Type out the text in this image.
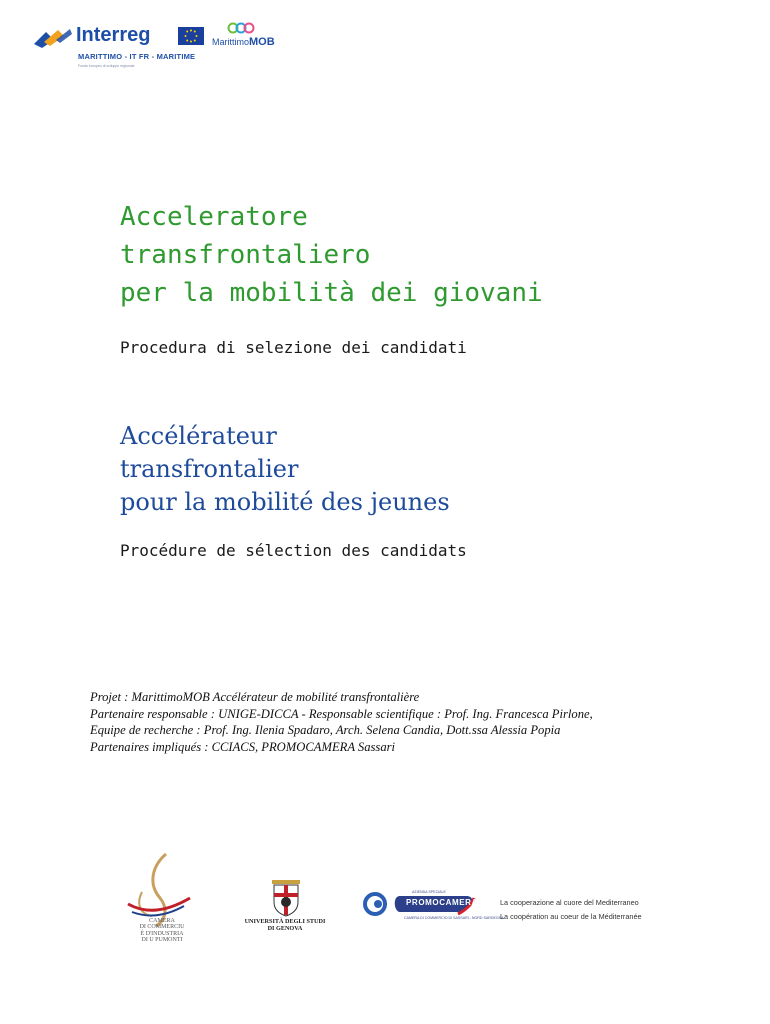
Interreg
MARITTIMO - IT FR - MARITIME
Fondo europeo di sviluppo regionale
MarittimoMOB
Acceleratore
transfrontaliero
per la mobilità dei giovani
Procedura di selezione dei candidati
Accélérateur
transfrontalier
pour la mobilité des jeunes
Procédure de sélection des candidats
Projet : MarittimoMOB Accélérateur de mobilité transfrontalière
Partenaire responsable : UNIGE-DICCA - Responsable scientifique : Prof. Ing. Francesca Pirlone,
Equipe de recherche : Prof. Ing. Ilenia Spadaro, Arch. Selena Candia, Dott.ssa Alessia Popia
Partenaires impliqués : CCIACS, PROMOCAMERA Sassari
CAMERA
DI COMMERCIU
È D'INDUSTRIA
DI U PUMONTI
UNIVERSITÀ DEGLI STUDI
DI GENOVA
AZIENDA SPECIALE
PROMOCAMERA
CAMERA DI COMMERCIO DI SASSARI - NORD SARDEGNA
La cooperazione al cuore del Mediterraneo
La coopération au coeur de la Méditerranée
